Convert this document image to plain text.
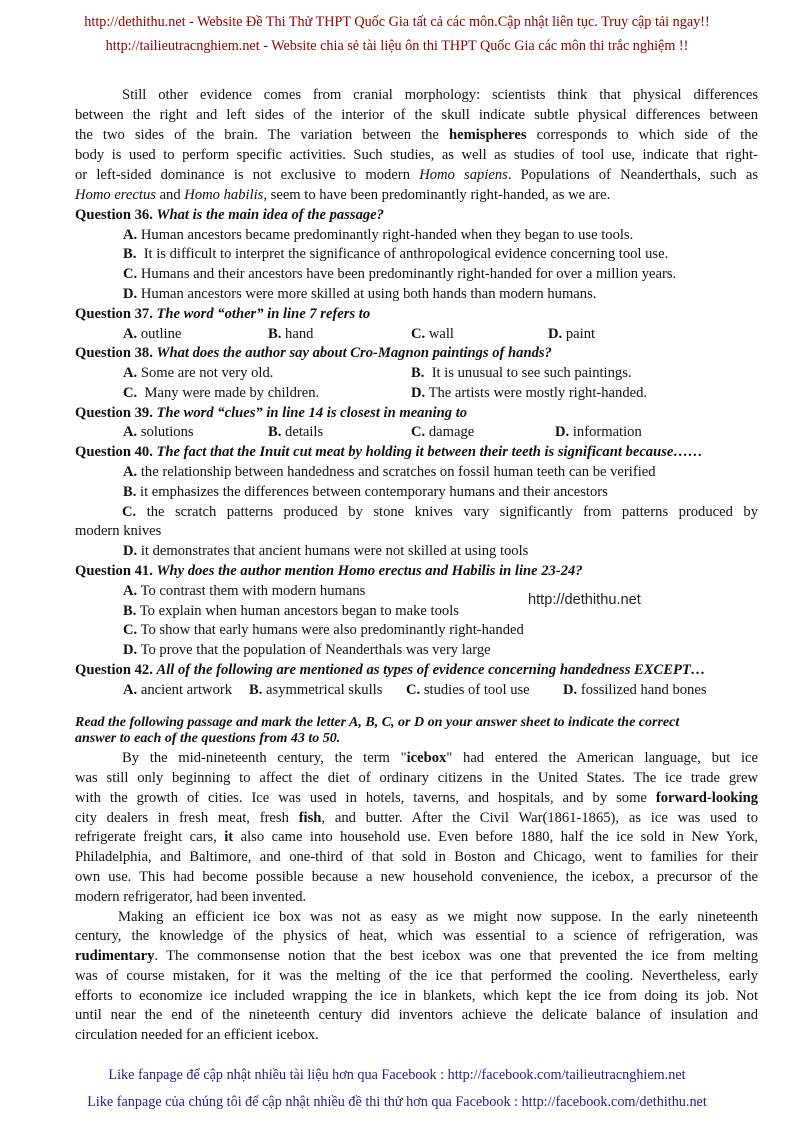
http://dethithu.net - Website Đề Thi Thử THPT Quốc Gia tất cả các môn.Cập nhật liên tục. Truy cập tải ngay!!
http://tailieutracnghiem.net - Website chia sẻ tài liệu ôn thi THPT Quốc Gia các môn thi trắc nghiệm !!
Still other evidence comes from cranial morphology: scientists think that physical differences
between the right and left sides of the interior of the skull indicate subtle physical differences between
the two sides of the brain. The variation between the hemispheres corresponds to which side of the
body is used to perform specific activities. Such studies, as well as studies of tool use, indicate that right-
or left-sided dominance is not exclusive to modern Homo sapiens. Populations of Neanderthals, such as
Homo erectus and Homo habilis, seem to have been predominantly right-handed, as we are.
Question 36. What is the main idea of the passage?
A. Human ancestors became predominantly right-handed when they began to use tools.
B. It is difficult to interpret the significance of anthropological evidence concerning tool use.
C. Humans and their ancestors have been predominantly right-handed for over a million years.
D. Human ancestors were more skilled at using both hands than modern humans.
Question 37. The word “other” in line 7 refers to
A. outline	B. hand	C. wall	D. paint
Question 38. What does the author say about Cro-Magnon paintings of hands?
A. Some are not very old.	B. It is unusual to see such paintings.
C. Many were made by children.	D. The artists were mostly right-handed.
Question 39. The word “clues” in line 14 is closest in meaning to
A. solutions	B. details	C. damage	D. information
Question 40. The fact that the Inuit cut meat by holding it between their teeth is significant because……
A. the relationship between handedness and scratches on fossil human teeth can be verified
B. it emphasizes the differences between contemporary humans and their ancestors
C. the scratch patterns produced by stone knives vary significantly from patterns produced by
modern knives
D. it demonstrates that ancient humans were not skilled at using tools
Question 41. Why does the author mention Homo erectus and Habilis in line 23-24?
A. To contrast them with modern humans
B. To explain when human ancestors began to make tools
http://dethithu.net
C. To show that early humans were also predominantly right-handed
D. To prove that the population of Neanderthals was very large
Question 42. All of the following are mentioned as types of evidence concerning handedness EXCEPT…
A. ancient artwork B. asymmetrical skulls C. studies of tool use D. fossilized hand bones
Read the following passage and mark the letter A, B, C, or D on your answer sheet to indicate the correct
answer to each of the questions from 43 to 50.
By the mid-nineteenth century, the term "icebox" had entered the American language, but ice
was still only beginning to affect the diet of ordinary citizens in the United States. The ice trade grew
with the growth of cities. Ice was used in hotels, taverns, and hospitals, and by some forward-looking
city dealers in fresh meat, fresh fish, and butter. After the Civil War(1861-1865), as ice was used to
refrigerate freight cars, it also came into household use. Even before 1880, half the ice sold in New York,
Philadelphia, and Baltimore, and one-third of that sold in Boston and Chicago, went to families for their
own use. This had become possible because a new household convenience, the icebox, a precursor of the
modern refrigerator, had been invented.
Making an efficient ice box was not as easy as we might now suppose. In the early nineteenth
century, the knowledge of the physics of heat, which was essential to a science of refrigeration, was
rudimentary. The commonsense notion that the best icebox was one that prevented the ice from melting
was of course mistaken, for it was the melting of the ice that performed the cooling. Nevertheless, early
efforts to economize ice included wrapping the ice in blankets, which kept the ice from doing its job. Not
until near the end of the nineteenth century did inventors achieve the delicate balance of insulation and
circulation needed for an efficient icebox.
Like fanpage để cập nhật nhiều tài liệu hơn qua Facebook : http://facebook.com/tailieutracnghiem.net
Like fanpage của chúng tôi để cập nhật nhiều đề thi thử hơn qua Facebook : http://facebook.com/dethithu.net
